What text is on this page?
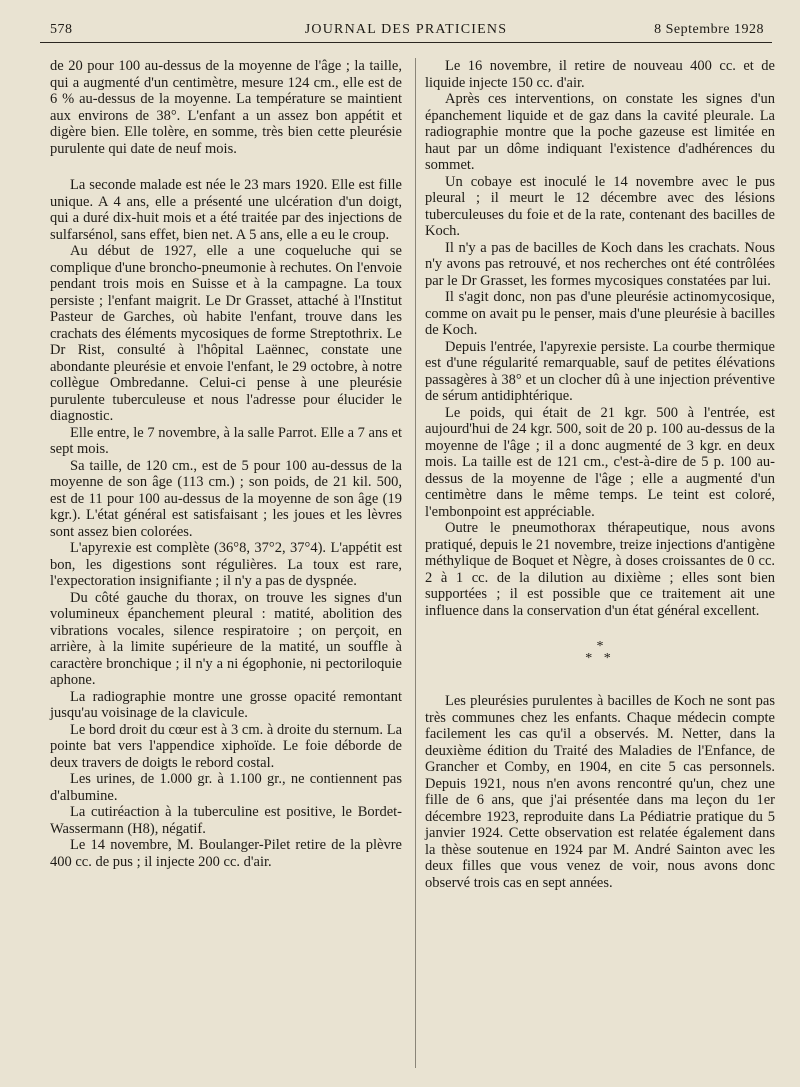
578	JOURNAL DES PRATICIENS	8 Septembre 1928

de 20 pour 100 au-dessus de la moyenne de l'âge ; la taille, qui a augmenté d'un centimètre, mesure 124 cm., elle est de 6 % au-dessus de la moyenne. La température se maintient aux environs de 38°. L'enfant a un assez bon appétit et digère bien. Elle tolère, en somme, très bien cette pleurésie purulente qui date de neuf mois.

La seconde malade est née le 23 mars 1920. Elle est fille unique. A 4 ans, elle a présenté une ulcération d'un doigt, qui a duré dix-huit mois et a été traitée par des injections de sulfarsénol, sans effet, bien net. A 5 ans, elle a eu le croup.

Au début de 1927, elle a une coqueluche qui se complique d'une broncho-pneumonie à rechutes. On l'envoie pendant trois mois en Suisse et à la campagne. La toux persiste ; l'enfant maigrit. Le Dr Grasset, attaché à l'Institut Pasteur de Garches, où habite l'enfant, trouve dans les crachats des éléments mycosiques de forme Streptothrix. Le Dr Rist, consulté à l'hôpital Laënnec, constate une abondante pleurésie et envoie l'enfant, le 29 octobre, à notre collègue Ombredanne. Celui-ci pense à une pleurésie purulente tuberculeuse et nous l'adresse pour élucider le diagnostic.

Elle entre, le 7 novembre, à la salle Parrot. Elle a 7 ans et sept mois.

Sa taille, de 120 cm., est de 5 pour 100 au-dessus de la moyenne de son âge (113 cm.) ; son poids, de 21 kil. 500, est de 11 pour 100 au-dessus de la moyenne de son âge (19 kgr.). L'état général est satisfaisant ; les joues et les lèvres sont assez bien colorées.

L'apyrexie est complète (36°8, 37°2, 37°4). L'appétit est bon, les digestions sont régulières. La toux est rare, l'expectoration insignifiante ; il n'y a pas de dyspnée.

Du côté gauche du thorax, on trouve les signes d'un volumineux épanchement pleural : matité, abolition des vibrations vocales, silence respiratoire ; on perçoit, en arrière, à la limite supérieure de la matité, un souffle à caractère bronchique ; il n'y a ni égophonie, ni pectoriloquie aphone.

La radiographie montre une grosse opacité remontant jusqu'au voisinage de la clavicule.

Le bord droit du cœur est à 3 cm. à droite du sternum. La pointe bat vers l'appendice xiphoïde. Le foie déborde de deux travers de doigts le rebord costal.

Les urines, de 1.000 gr. à 1.100 gr., ne contiennent pas d'albumine.

La cutiréaction à la tuberculine est positive, le Bordet-Wassermann (H8), négatif.

Le 14 novembre, M. Boulanger-Pilet retire de la plèvre 400 cc. de pus ; il injecte 200 cc. d'air.

Le 16 novembre, il retire de nouveau 400 cc. et de liquide injecte 150 cc. d'air.

Après ces interventions, on constate les signes d'un épanchement liquide et de gaz dans la cavité pleurale. La radiographie montre que la poche gazeuse est limitée en haut par un dôme indiquant l'existence d'adhérences du sommet.

Un cobaye est inoculé le 14 novembre avec le pus pleural ; il meurt le 12 décembre avec des lésions tuberculeuses du foie et de la rate, contenant des bacilles de Koch.

Il n'y a pas de bacilles de Koch dans les crachats. Nous n'y avons pas retrouvé, et nos recherches ont été contrôlées par le Dr Grasset, les formes mycosiques constatées par lui.

Il s'agit donc, non pas d'une pleurésie actinomycosique, comme on avait pu le penser, mais d'une pleurésie à bacilles de Koch.

Depuis l'entrée, l'apyrexie persiste. La courbe thermique est d'une régularité remarquable, sauf de petites élévations passagères à 38° et un clocher dû à une injection préventive de sérum antidiphtérique.

Le poids, qui était de 21 kgr. 500 à l'entrée, est aujourd'hui de 24 kgr. 500, soit de 20 p. 100 au-dessus de la moyenne de l'âge ; il a donc augmenté de 3 kgr. en deux mois. La taille est de 121 cm., c'est-à-dire de 5 p. 100 au-dessus de la moyenne de l'âge ; elle a augmenté d'un centimètre dans le même temps. Le teint est coloré, l'embonpoint est appréciable.

Outre le pneumothorax thérapeutique, nous avons pratiqué, depuis le 21 novembre, treize injections d'antigène méthylique de Boquet et Nègre, à doses croissantes de 0 cc. 2 à 1 cc. de la dilution au dixième ; elles sont bien supportées ; il est possible que ce traitement ait une influence dans la conservation d'un état général excellent.

*
* *

Les pleurésies purulentes à bacilles de Koch ne sont pas très communes chez les enfants. Chaque médecin compte facilement les cas qu'il a observés. M. Netter, dans la deuxième édition du Traité des Maladies de l'Enfance, de Grancher et Comby, en 1904, en cite 5 cas personnels. Depuis 1921, nous n'en avons rencontré qu'un, chez une fille de 6 ans, que j'ai présentée dans ma leçon du 1er décembre 1923, reproduite dans La Pédiatrie pratique du 5 janvier 1924. Cette observation est relatée également dans la thèse soutenue en 1924 par M. André Sainton avec les deux filles que vous venez de voir, nous avons donc observé trois cas en sept années.
